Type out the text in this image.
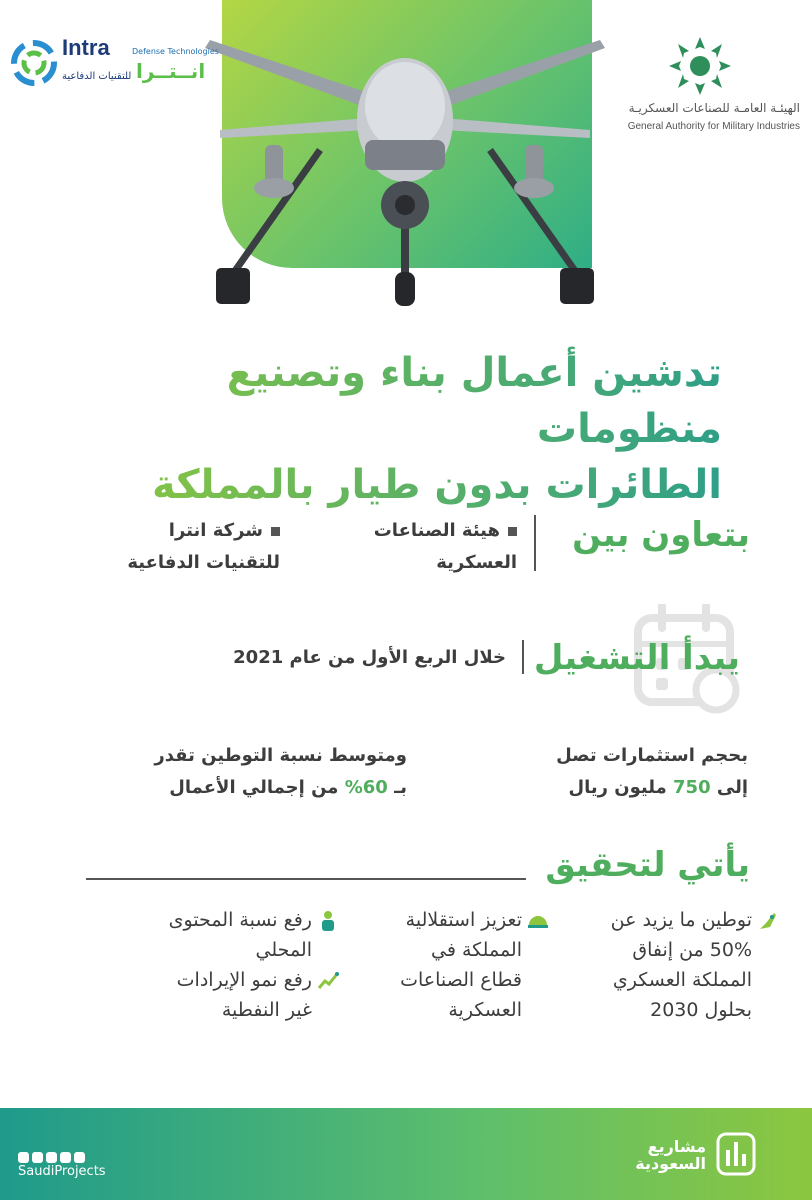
Intra	Defense Technologies
انــتــرا
للتقنيات الدفاعية
الهيئـة العامـة للصناعات العسكريـة
General Authority for Military Industries
تدشين أعمال بناء وتصنيع منظومات
الطائرات بدون طيار بالمملكة
بتعاون بين
هيئة الصناعات
العسكرية
شركة انترا
للتقنيات الدفاعية
يبدأ التشغيل
خلال الربع الأول من عام 2021
بحجم استثمارات تصل
إلى 750 مليون ريال
ومتوسط نسبة التوطين تقدر
بـ 60% من إجمالي الأعمال
يأتي لتحقيق
توطين ما يزيد عن
50% من إنفاق
المملكة العسكري
بحلول 2030
تعزيز استقلالية
المملكة في
قطاع الصناعات
العسكرية
رفع نسبة المحتوى
المحلي
رفع نمو الإيرادات
غير النفطية
SaudiProjects
مشاريع
السعودية
